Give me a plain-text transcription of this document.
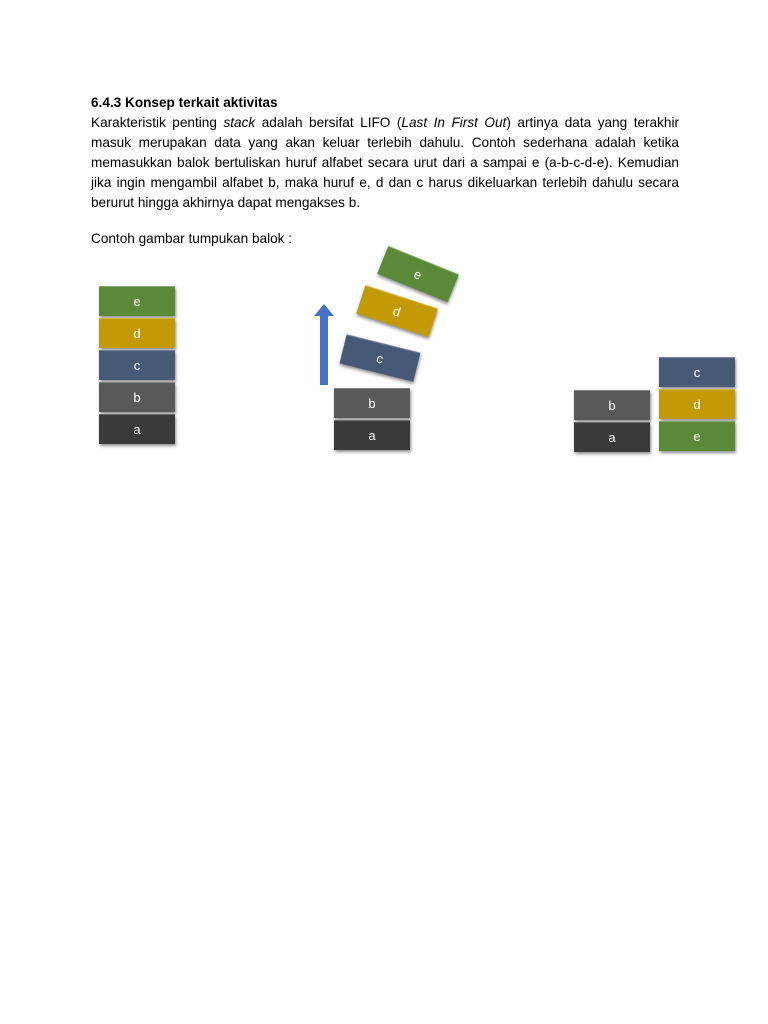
6.4.3 Konsep terkait aktivitas

Karakteristik penting stack adalah bersifat LIFO (Last In First Out) artinya data yang terakhir
masuk merupakan data yang akan keluar terlebih dahulu. Contoh sederhana adalah ketika
memasukkan balok bertuliskan huruf alfabet secara urut dari a sampai e (a-b-c-d-e). Kemudian
jika ingin mengambil alfabet b, maka huruf e, d dan c harus dikeluarkan terlebih dahulu secara
berurut hingga akhirnya dapat mengakses b.

Contoh gambar tumpukan balok :
e
d
c
b
a
e
d
c
b
a
b
a
c
d
e
